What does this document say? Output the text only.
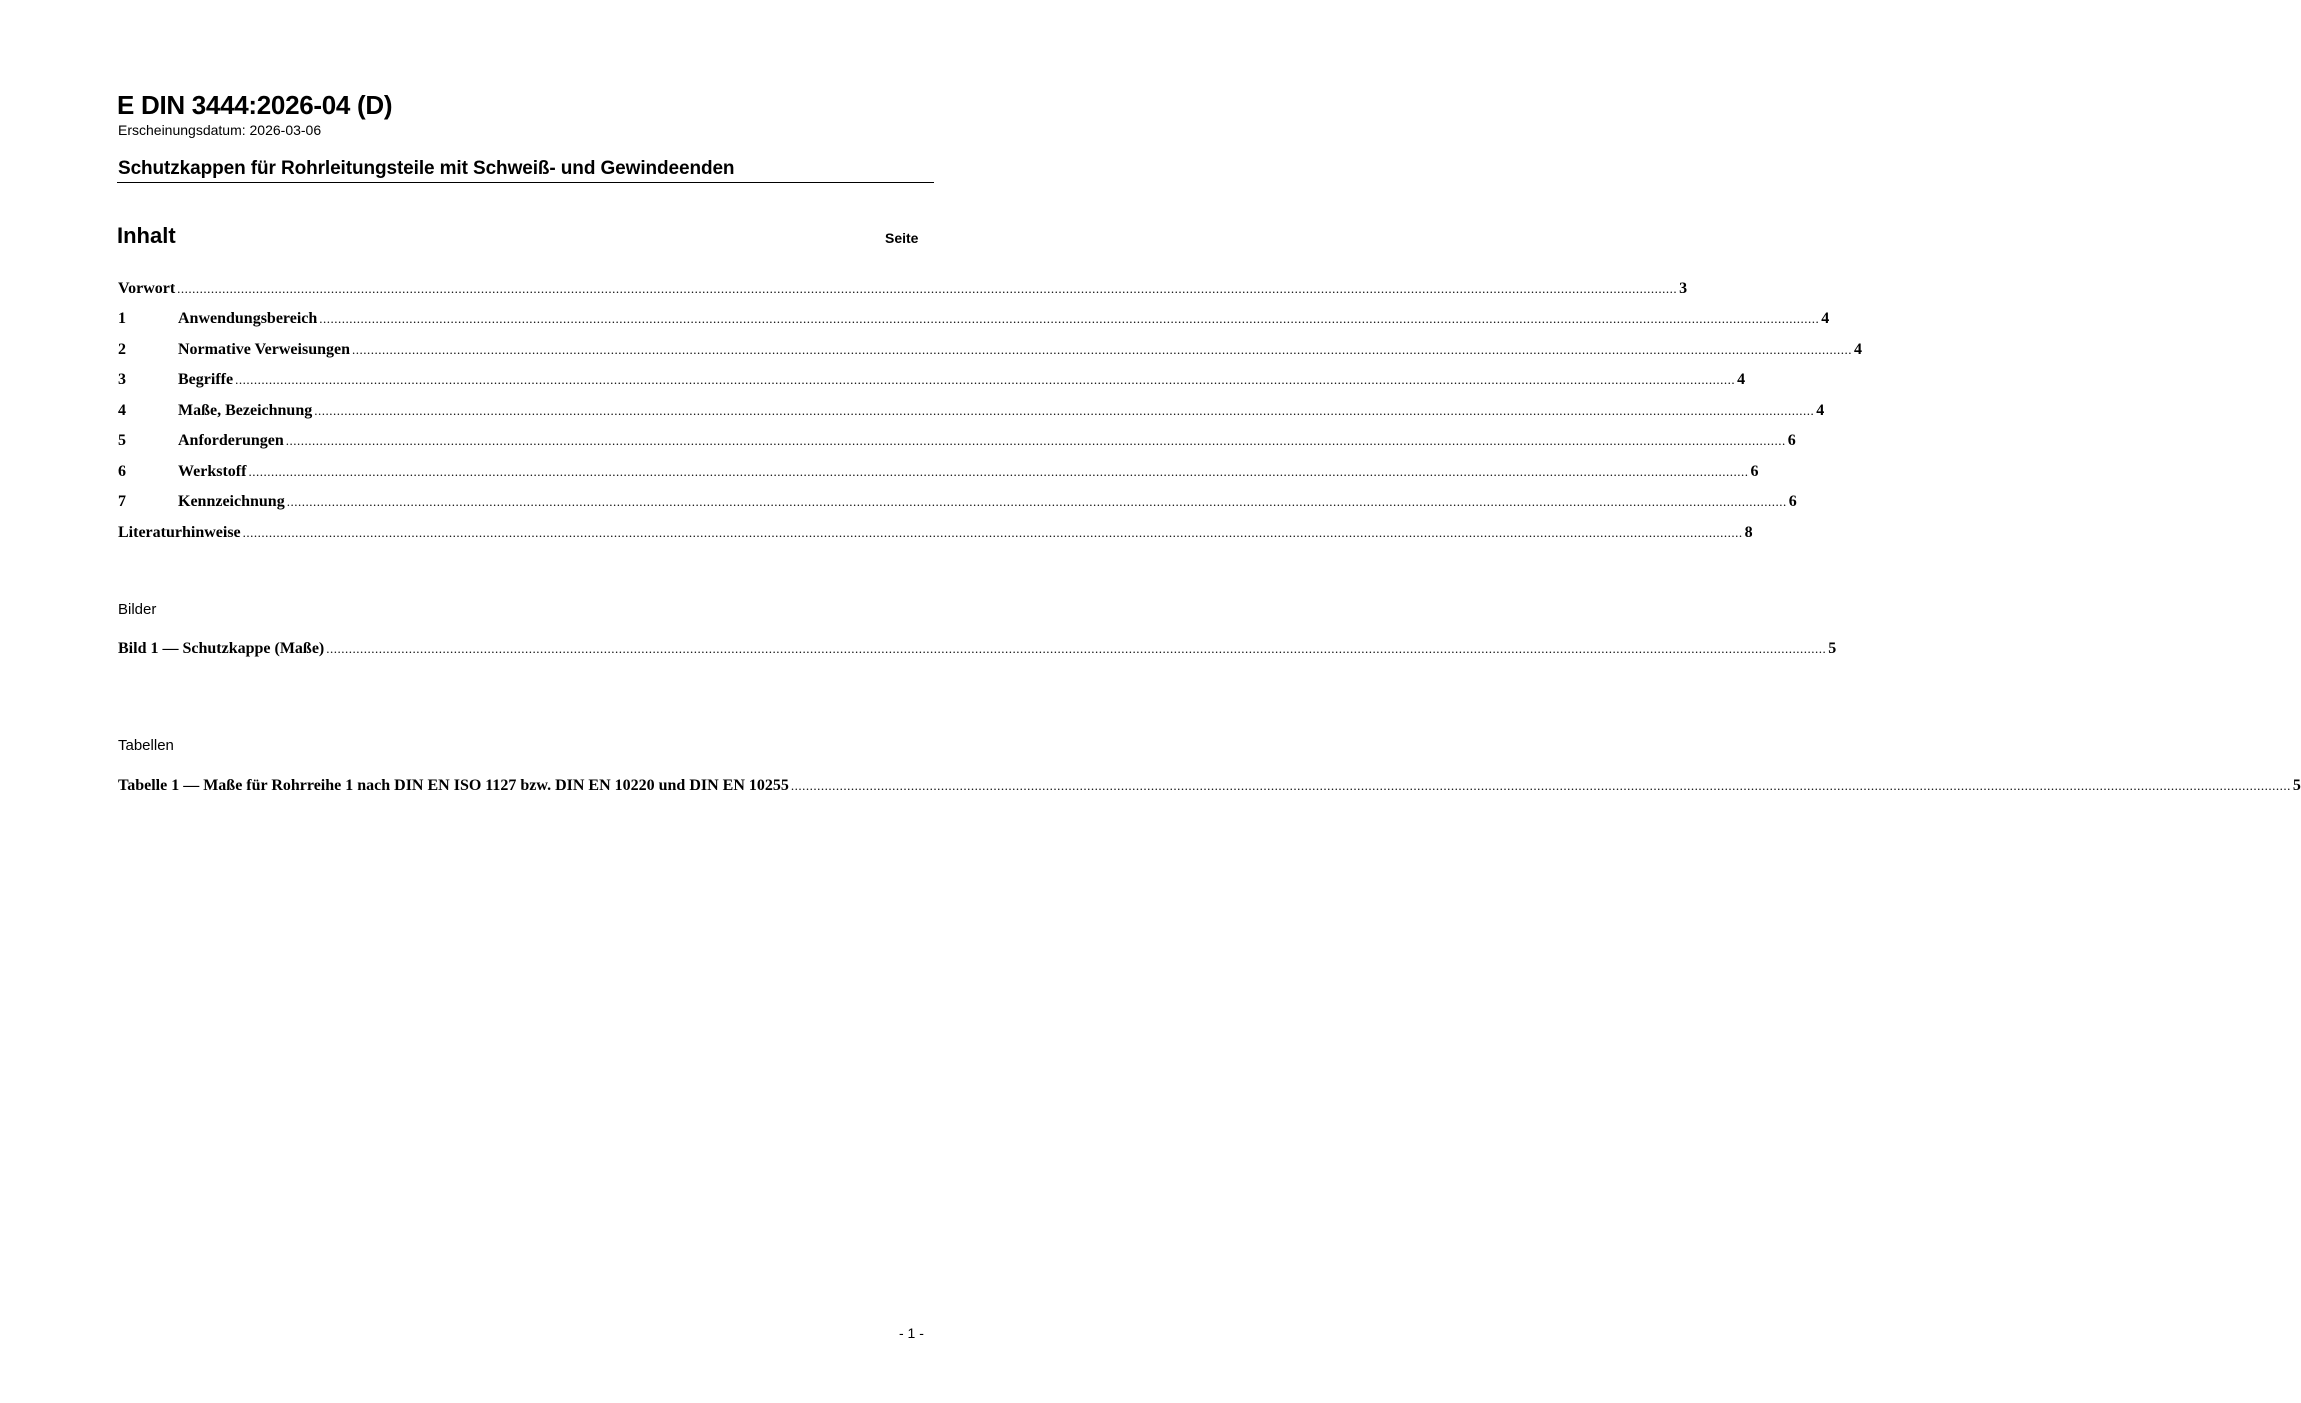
E DIN 3444:2026-04 (D)
Erscheinungsdatum: 2026-03-06
Schutzkappen für Rohrleitungsteile mit Schweiß- und Gewindeenden
Inhalt	Seite
Vorwort ................................................................................................................................................................................................................................................................................................................................................................................................................ 3
1	Anwendungsbereich ................................................................................................................................................................................................................................................................................................................................................................................................................ 4
2	Normative Verweisungen ................................................................................................................................................................................................................................................................................................................................................................................................................ 4
3	Begriffe ................................................................................................................................................................................................................................................................................................................................................................................................................ 4
4	Maße, Bezeichnung ................................................................................................................................................................................................................................................................................................................................................................................................................ 4
5	Anforderungen ................................................................................................................................................................................................................................................................................................................................................................................................................ 6
6	Werkstoff ................................................................................................................................................................................................................................................................................................................................................................................................................ 6
7	Kennzeichnung ................................................................................................................................................................................................................................................................................................................................................................................................................ 6
Literaturhinweise ................................................................................................................................................................................................................................................................................................................................................................................................................ 8
Bilder
Bild 1 — Schutzkappe (Maße) ................................................................................................................................................................................................................................................................................................................................................................................................................ 5
Tabellen
Tabelle 1 — Maße für Rohrreihe 1 nach DIN EN ISO 1127 bzw. DIN EN 10220 und DIN EN 10255 ................................................................................................................................................................................................................................................................................................................................................................................................................ 5
- 1 -
